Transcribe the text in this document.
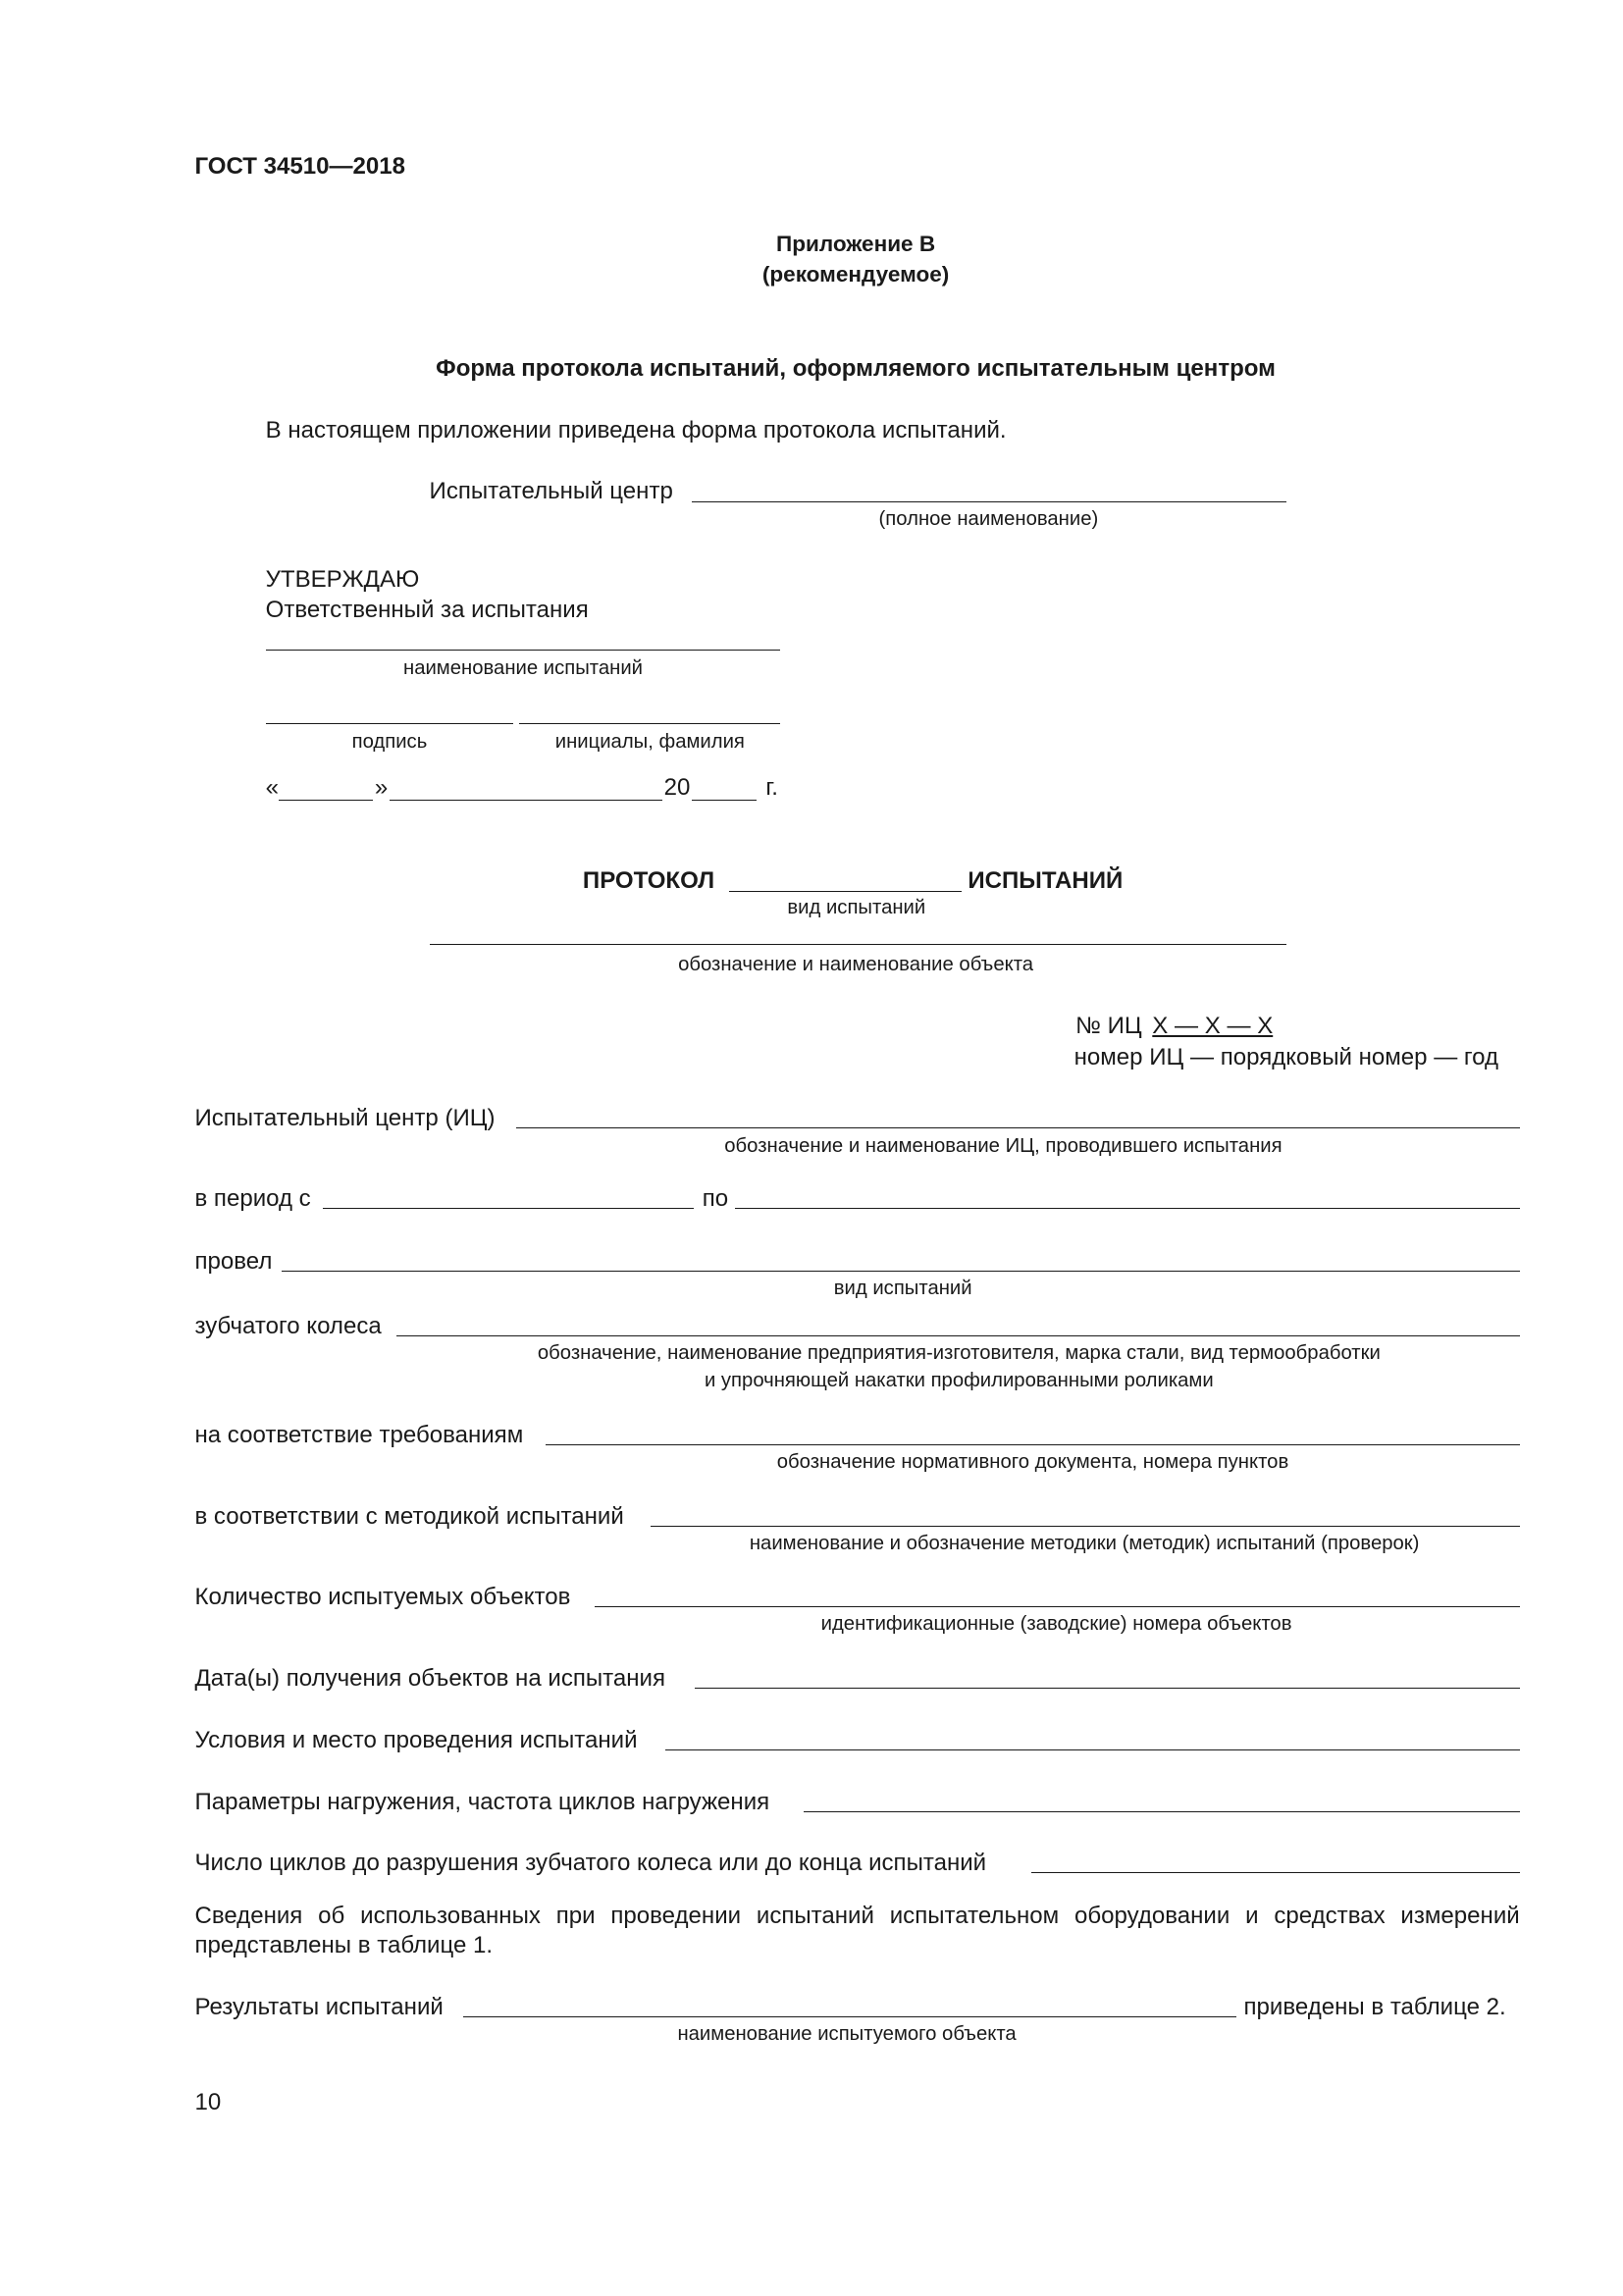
ГОСТ 34510—2018
Приложение В
(рекомендуемое)
Форма протокола испытаний, оформляемого испытательным центром
В настоящем приложении приведена форма протокола испытаний.
Испытательный центр
(полное наименование)
УТВЕРЖДАЮ
Ответственный за испытания
наименование испытаний
подпись	инициалы, фамилия
«	»	20	г.
ПРОТОКОЛ	ИСПЫТАНИЙ
вид испытаний
обозначение и наименование объекта
№ ИЦ Х — Х — Х
номер ИЦ — порядковый номер — год
Испытательный центр (ИЦ)
обозначение и наименование ИЦ, проводившего испытания
в период с	по
провел
вид испытаний
зубчатого колеса
обозначение, наименование предприятия-изготовителя, марка стали, вид термообработки
и упрочняющей накатки профилированными роликами
на соответствие требованиям
обозначение нормативного документа, номера пунктов
в соответствии с методикой испытаний
наименование и обозначение методики (методик) испытаний (проверок)
Количество испытуемых объектов
идентификационные (заводские) номера объектов
Дата(ы) получения объектов на испытания
Условия и место проведения испытаний
Параметры нагружения, частота циклов нагружения
Число циклов до разрушения зубчатого колеса или до конца испытаний
Сведения об использованных при проведении испытаний испытательном оборудовании и средствах измерений
представлены в таблице 1.
Результаты испытаний	приведены в таблице 2.
наименование испытуемого объекта
10
